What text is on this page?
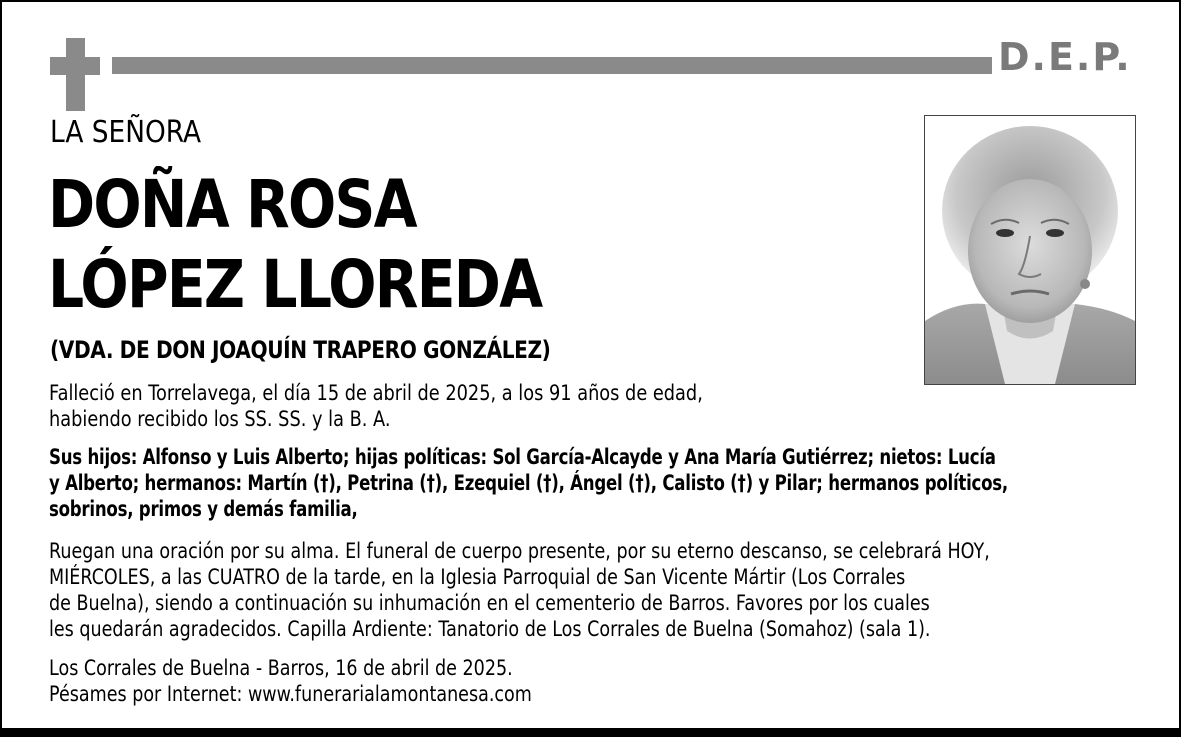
D.E.P.
LA SEÑORA
DOÑA ROSA
LÓPEZ LLOREDA
(VDA. DE DON JOAQUÍN TRAPERO GONZÁLEZ)
Falleció en Torrelavega, el día 15 de abril de 2025, a los 91 años de edad,
habiendo recibido los SS. SS. y la B. A.
Sus hijos: Alfonso y Luis Alberto; hijas políticas: Sol García-Alcayde y Ana María Gutiérrez; nietos: Lucía
y Alberto; hermanos: Martín (†), Petrina (†), Ezequiel (†), Ángel (†), Calisto (†) y Pilar; hermanos políticos,
sobrinos, primos y demás familia,
Ruegan una oración por su alma. El funeral de cuerpo presente, por su eterno descanso, se celebrará HOY,
MIÉRCOLES, a las CUATRO de la tarde, en la Iglesia Parroquial de San Vicente Mártir (Los Corrales
de Buelna), siendo a continuación su inhumación en el cementerio de Barros. Favores por los cuales
les quedarán agradecidos. Capilla Ardiente: Tanatorio de Los Corrales de Buelna (Somahoz) (sala 1).
Los Corrales de Buelna - Barros, 16 de abril de 2025.
Pésames por Internet: www.funerarialamontanesa.com
